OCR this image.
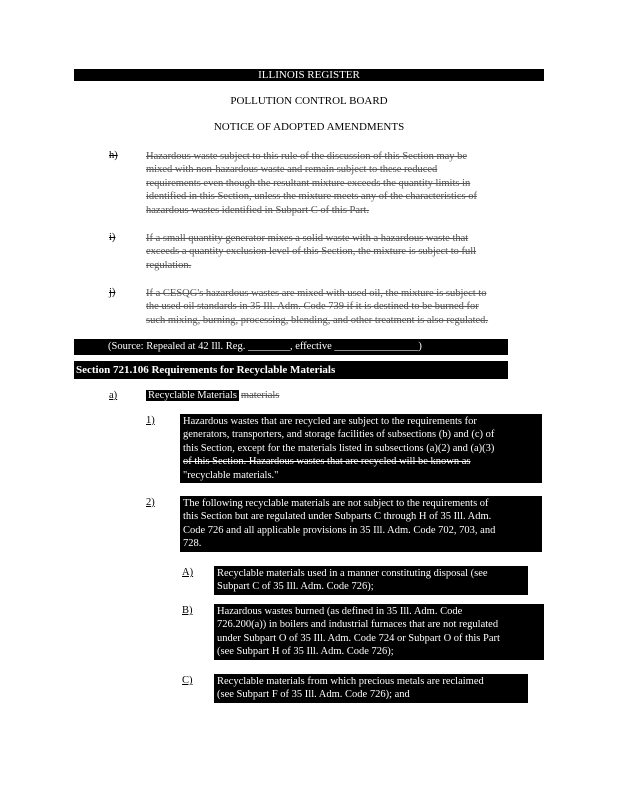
ILLINOIS REGISTER
POLLUTION CONTROL BOARD
NOTICE OF ADOPTED AMENDMENTS
h)	Hazardous waste subject to this rule of the discussion of this Section may be
mixed with non-hazardous waste and remain subject to these reduced
requirements even though the resultant mixture exceeds the quantity limits in
identified in this Section, unless the mixture meets any of the characteristics of
hazardous wastes identified in Subpart C of this Part.
i)	If a small quantity generator mixes a solid waste with a hazardous waste that
exceeds a quantity exclusion level of this Section, the mixture is subject to full
regulation.
j)	If a CESQG's hazardous wastes are mixed with used oil, the mixture is subject to
the used oil standards in 35 Ill. Adm. Code 739 if it is destined to be burned for
such mixing, burning, processing, blending, and other treatment is also regulated.
(Source: Repealed at 42 Ill. Reg. ________, effective ________________)
Section 721.106 Requirements for Recyclable Materials
a)	Recyclable Materials materials
1)	Hazardous wastes that are recycled are subject to the requirements for
generators, transporters, and storage facilities of subsections (b) and (c) of
this Section, except for the materials listed in subsections (a)(2) and (a)(3)
of this Section. Hazardous wastes that are recycled will be known as
"recyclable materials."
2)	The following recyclable materials are not subject to the requirements of
this Section but are regulated under Subparts C through H of 35 Ill. Adm.
Code 726 and all applicable provisions in 35 Ill. Adm. Code 702, 703, and
728.
A) Recyclable materials used in a manner constituting disposal (see
Subpart C of 35 Ill. Adm. Code 726);
B) Hazardous wastes burned (as defined in 35 Ill. Adm. Code
726.200(a)) in boilers and industrial furnaces that are not regulated
under Subpart O of 35 Ill. Adm. Code 724 or Subpart O of this Part
(see Subpart H of 35 Ill. Adm. Code 726);
C) Recyclable materials from which precious metals are reclaimed
(see Subpart F of 35 Ill. Adm. Code 726); and
